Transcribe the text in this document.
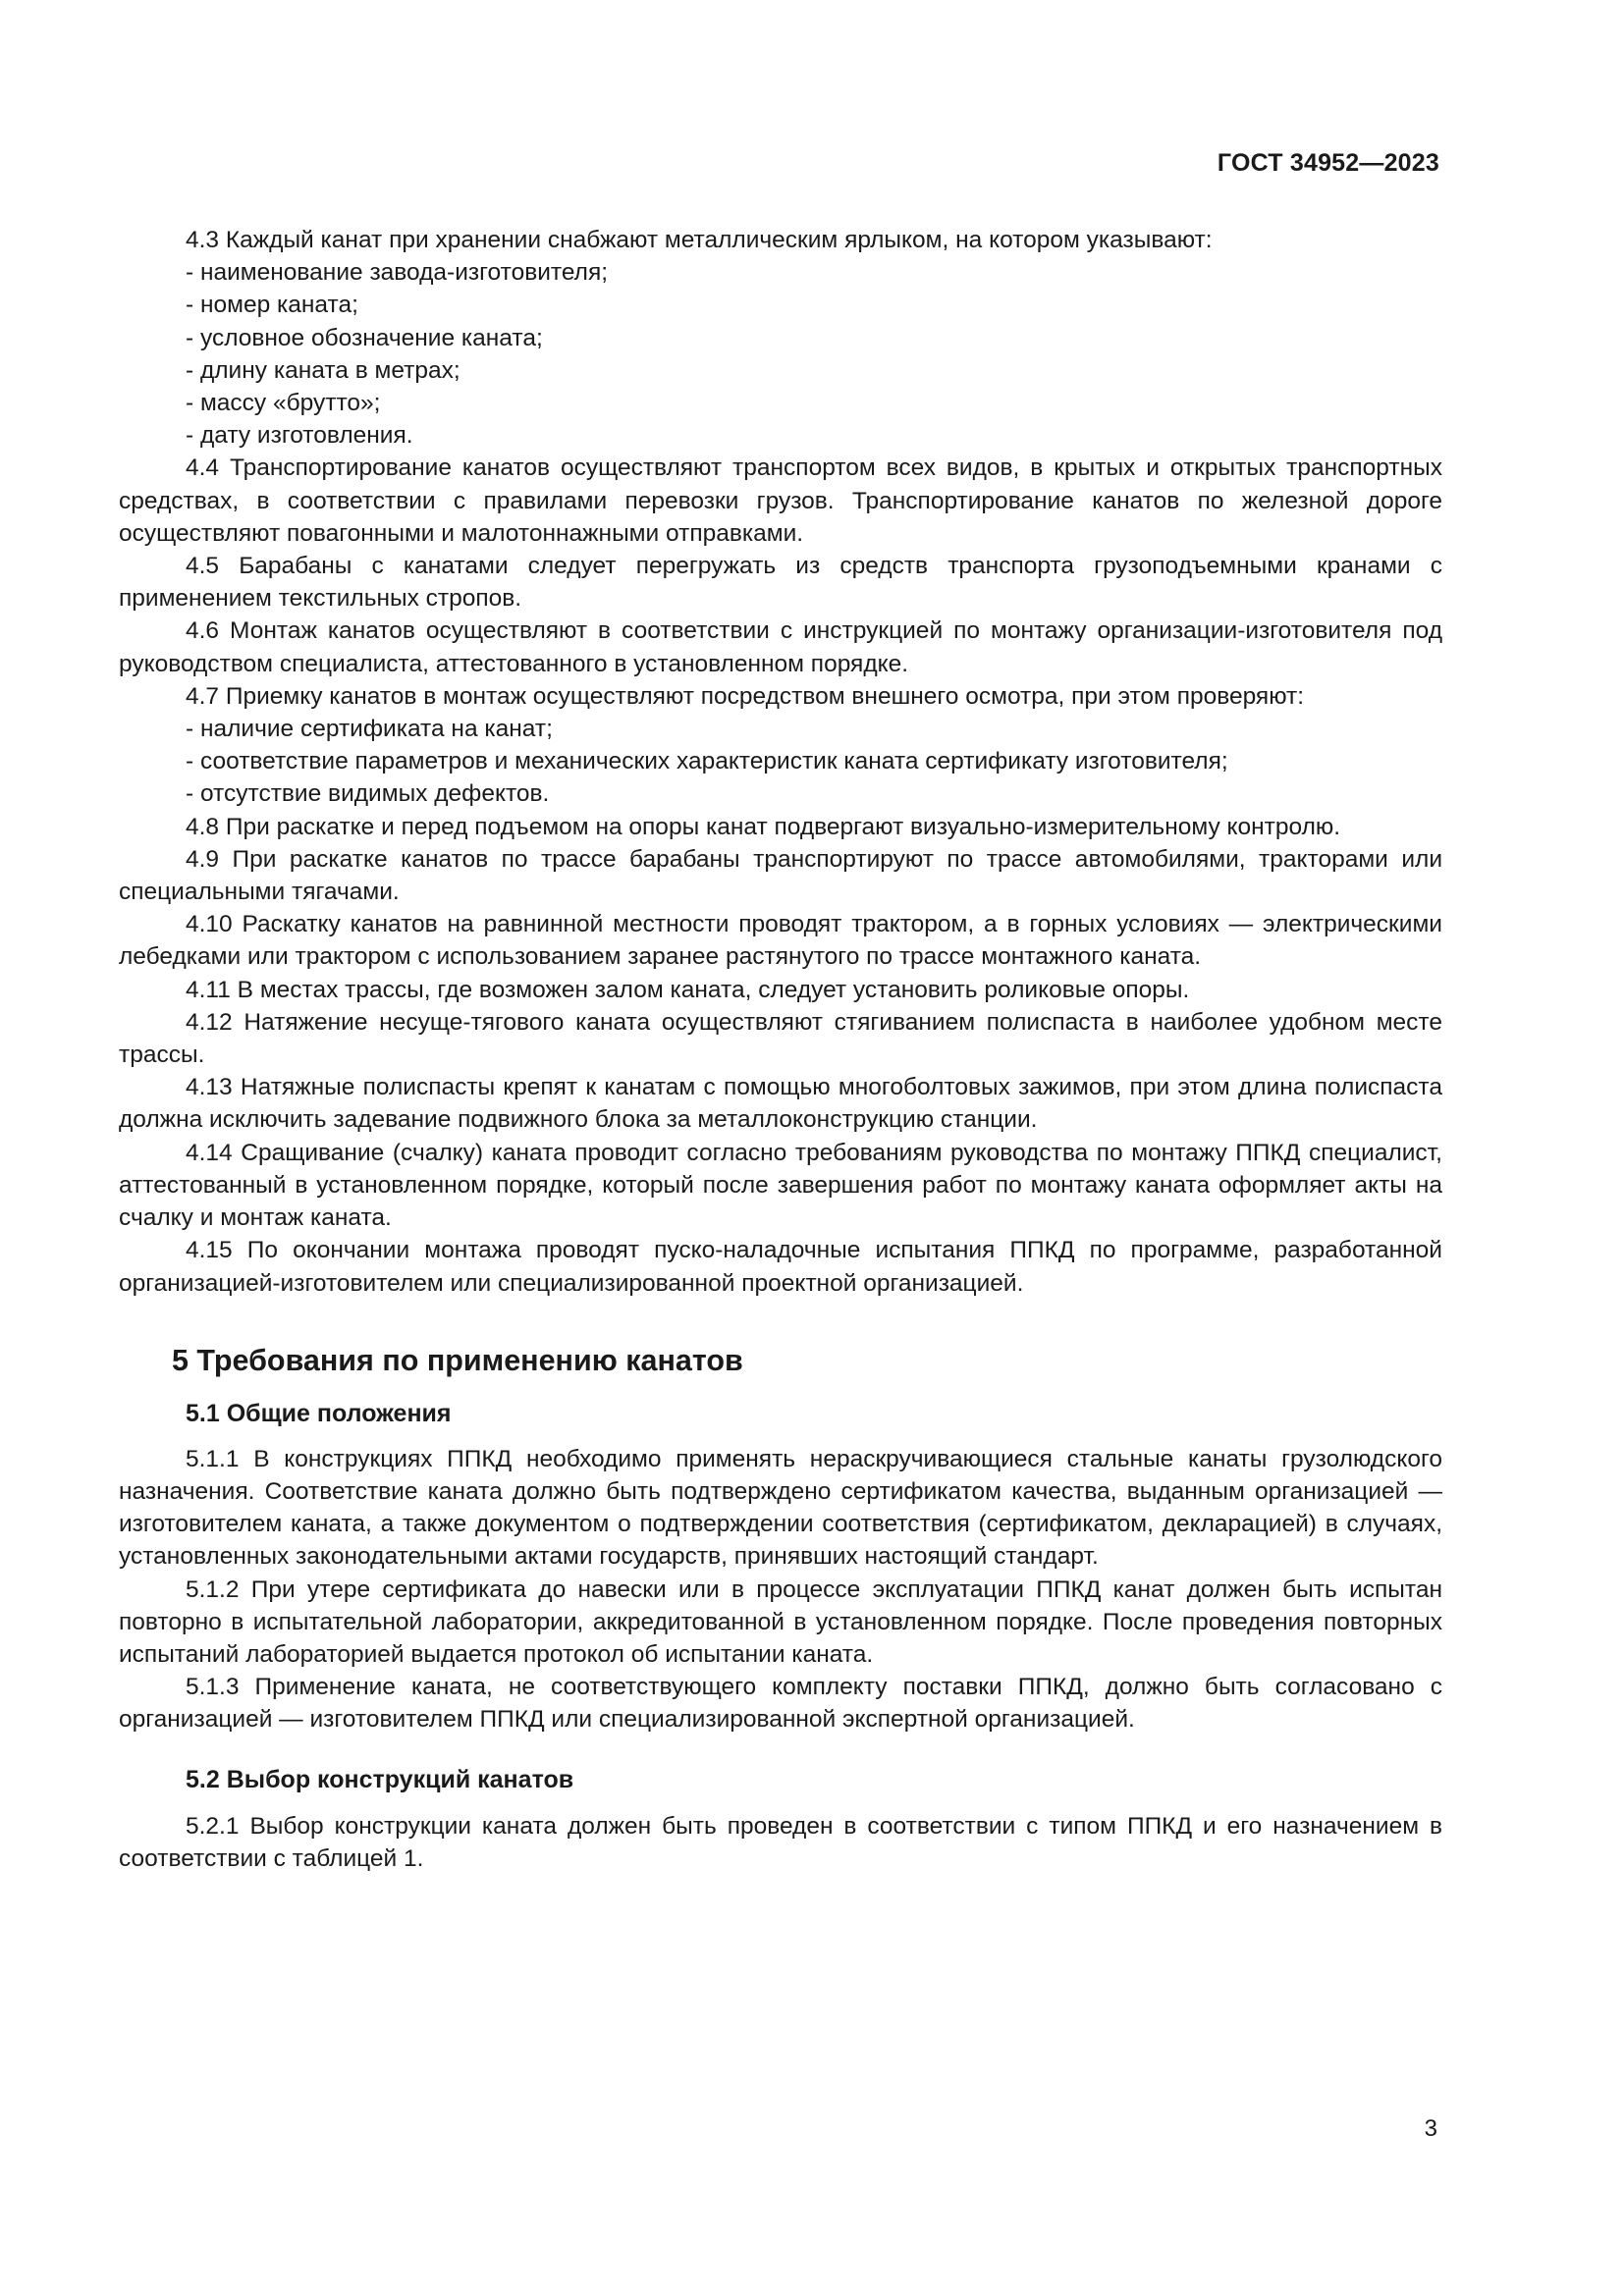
ГОСТ 34952—2023

4.3 Каждый канат при хранении снабжают металлическим ярлыком, на котором указывают:

- наименование завода-изготовителя;

- номер каната;

- условное обозначение каната;

- длину каната в метрах;

- массу «брутто»;

- дату изготовления.

4.4 Транспортирование канатов осуществляют транспортом всех видов, в крытых и открытых транспортных средствах, в соответствии с правилами перевозки грузов. Транспортирование канатов по железной дороге осуществляют повагонными и малотоннажными отправками.

4.5 Барабаны с канатами следует перегружать из средств транспорта грузоподъемными кранами с применением текстильных стропов.

4.6 Монтаж канатов осуществляют в соответствии с инструкцией по монтажу организации-изготовителя под руководством специалиста, аттестованного в установленном порядке.

4.7 Приемку канатов в монтаж осуществляют посредством внешнего осмотра, при этом проверяют:

- наличие сертификата на канат;

- соответствие параметров и механических характеристик каната сертификату изготовителя;

- отсутствие видимых дефектов.

4.8 При раскатке и перед подъемом на опоры канат подвергают визуально-измерительному контролю.

4.9 При раскатке канатов по трассе барабаны транспортируют по трассе автомобилями, тракторами или специальными тягачами.

4.10 Раскатку канатов на равнинной местности проводят трактором, а в горных условиях — электрическими лебедками или трактором с использованием заранее растянутого по трассе монтажного каната.

4.11 В местах трассы, где возможен залом каната, следует установить роликовые опоры.

4.12 Натяжение несуще-тягового каната осуществляют стягиванием полиспаста в наиболее удобном месте трассы.

4.13 Натяжные полиспасты крепят к канатам с помощью многоболтовых зажимов, при этом длина полиспаста должна исключить задевание подвижного блока за металлоконструкцию станции.

4.14 Сращивание (счалку) каната проводит согласно требованиям руководства по монтажу ППКД специалист, аттестованный в установленном порядке, который после завершения работ по монтажу каната оформляет акты на счалку и монтаж каната.

4.15 По окончании монтажа проводят пуско-наладочные испытания ППКД по программе, разработанной организацией-изготовителем или специализированной проектной организацией.

5 Требования по применению канатов
5.1 Общие положения

5.1.1 В конструкциях ППКД необходимо применять нераскручивающиеся стальные канаты грузолюдского назначения. Соответствие каната должно быть подтверждено сертификатом качества, выданным организацией — изготовителем каната, а также документом о подтверждении соответствия (сертификатом, декларацией) в случаях, установленных законодательными актами государств, принявших настоящий стандарт.

5.1.2 При утере сертификата до навески или в процессе эксплуатации ППКД канат должен быть испытан повторно в испытательной лаборатории, аккредитованной в установленном порядке. После проведения повторных испытаний лабораторией выдается протокол об испытании каната.

5.1.3 Применение каната, не соответствующего комплекту поставки ППКД, должно быть согласовано с организацией — изготовителем ППКД или специализированной экспертной организацией.

5.2 Выбор конструкций канатов

5.2.1 Выбор конструкции каната должен быть проведен в соответствии с типом ППКД и его назначением в соответствии с таблицей 1.

3
